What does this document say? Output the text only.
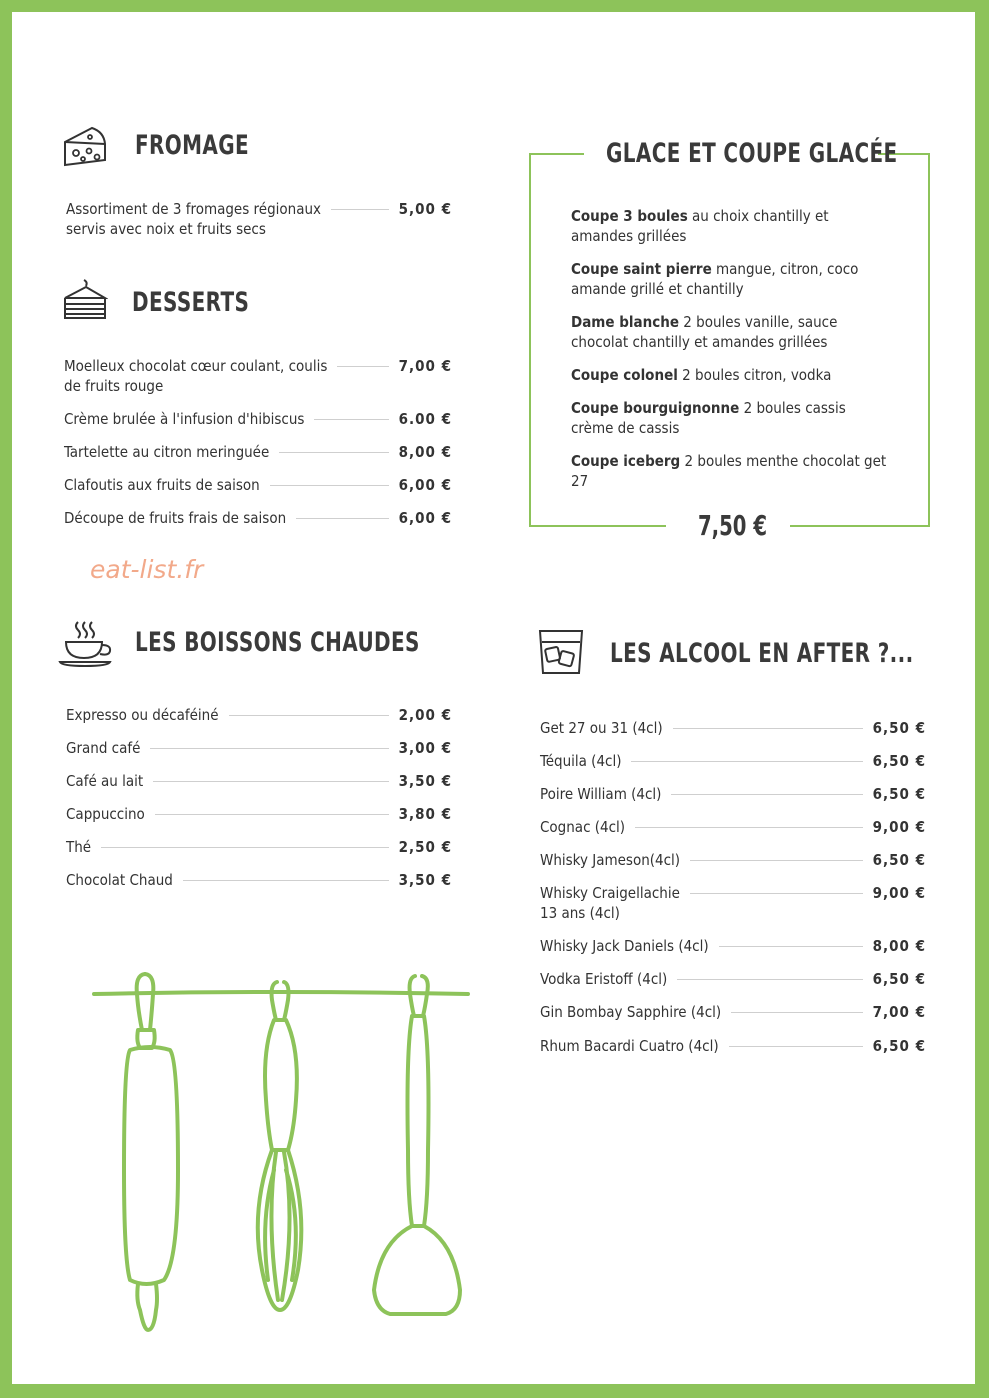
FROMAGE
Assortiment de 3 fromages régionaux
servis avec noix et fruits secs
5,00 €
DESSERTS
Moelleux chocolat cœur coulant, coulis
de fruits rouge
7,00 €
Crème brulée à l'infusion d'hibiscus	6.00 €
Tartelette au citron meringuée	8,00 €
Clafoutis aux fruits de saison	6,00 €
Découpe de fruits frais de saison	6,00 €
GLACE ET COUPE GLACÉE
Coupe 3 boules au choix chantilly et amandes grillées
Coupe saint pierre mangue, citron, coco amande grillé et chantilly
Dame blanche 2 boules vanille, sauce chocolat chantilly et amandes grillées
Coupe colonel 2 boules citron, vodka
Coupe bourguignonne 2 boules cassis crème de cassis
Coupe iceberg 2 boules menthe chocolat get 27
7,50 €
eat-list.fr
LES BOISSONS CHAUDES
Expresso ou décaféiné	2,00 €
Grand café	3,00 €
Café au lait	3,50 €
Cappuccino	3,80 €
Thé	2,50 €
Chocolat Chaud	3,50 €
LES ALCOOL EN AFTER ?...
Get 27 ou 31 (4cl)	6,50 €
Téquila (4cl)	6,50 €
Poire William (4cl)	6,50 €
Cognac (4cl)	9,00 €
Whisky Jameson(4cl)	6,50 €
Whisky Craigellachie
13 ans (4cl)
9,00 €
Whisky Jack Daniels (4cl)	8,00 €
Vodka Eristoff (4cl)	6,50 €
Gin Bombay Sapphire (4cl)	7,00 €
Rhum Bacardi Cuatro (4cl)	6,50 €
